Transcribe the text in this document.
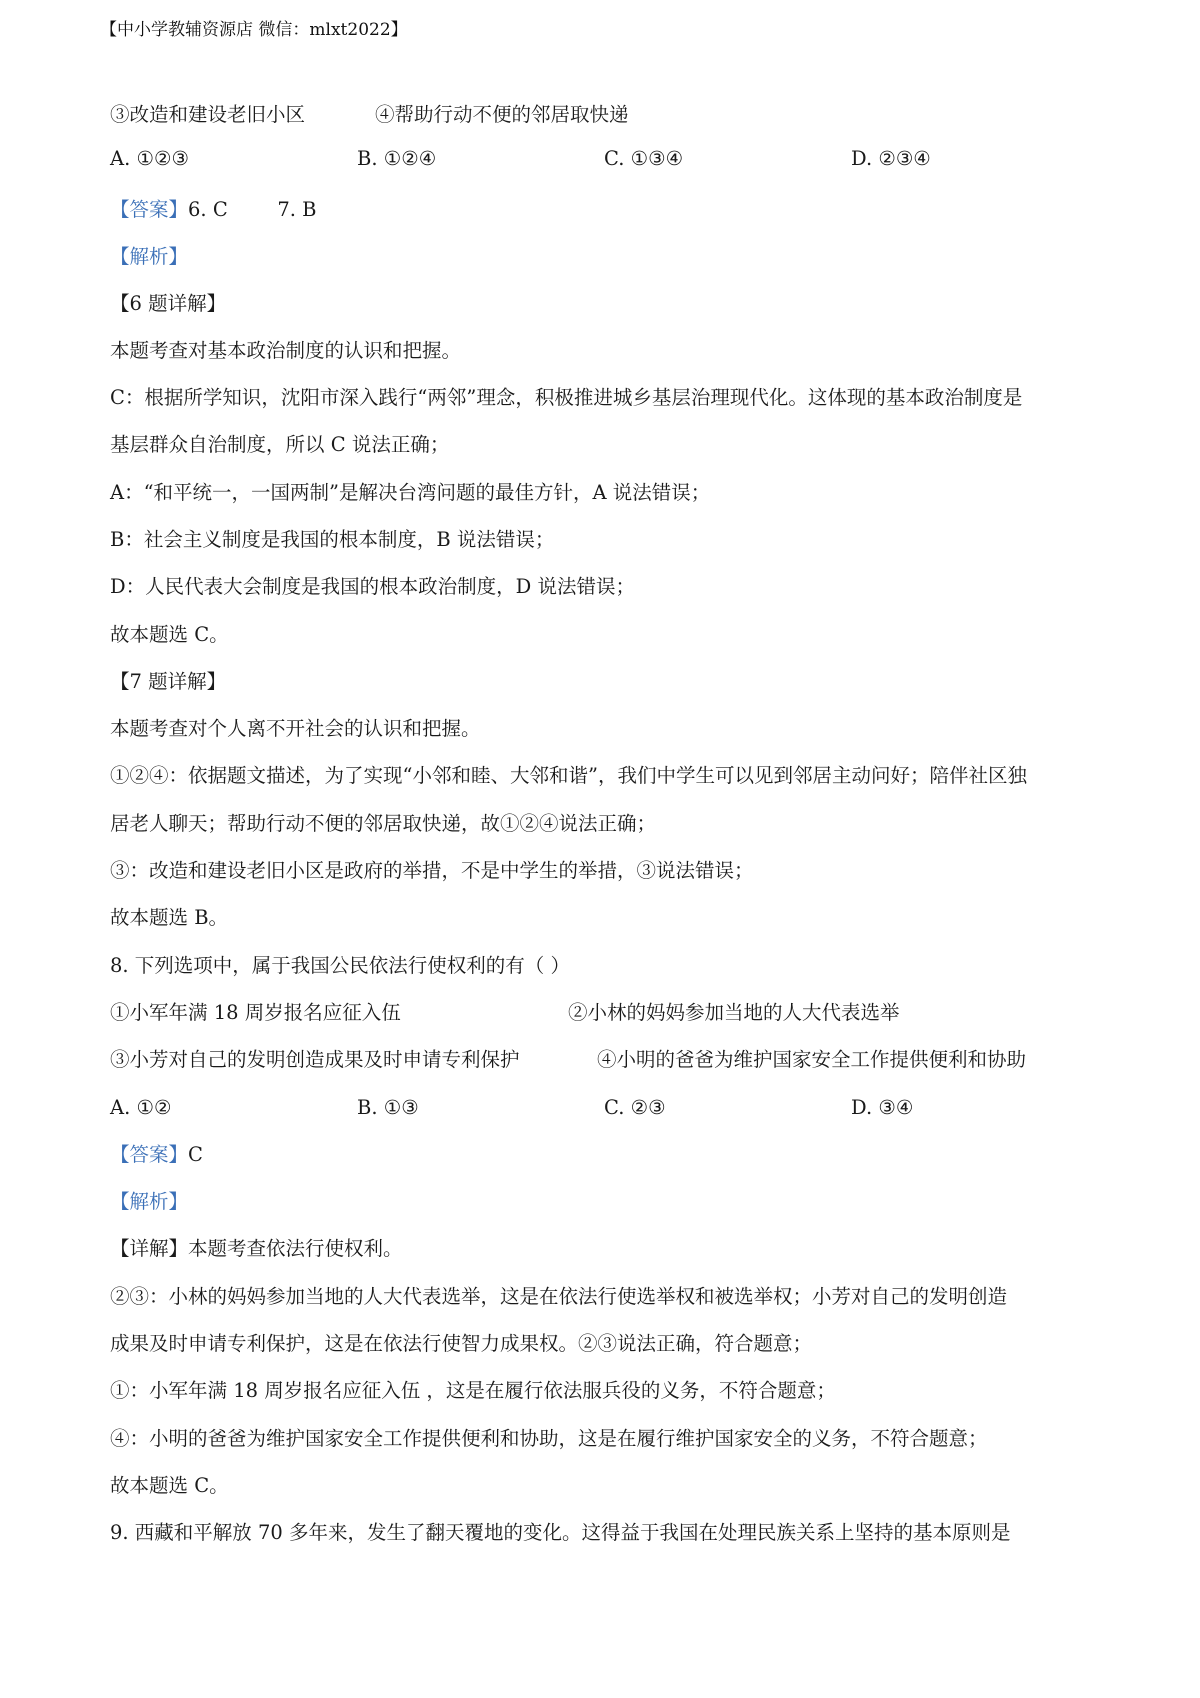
【中小学教辅资源店 微信：mlxt2022】
③改造和建设老旧小区	④帮助行动不便的邻居取快递
A. ①②③	B. ①②④	C. ①③④	D. ②③④
【答案】6. C        7. B
【解析】
【6 题详解】
本题考查对基本政治制度的认识和把握。
C：根据所学知识，沈阳市深入践行“两邻”理念，积极推进城乡基层治理现代化。这体现的基本政治制度是
基层群众自治制度，所以 C 说法正确；
A：“和平统一，一国两制”是解决台湾问题的最佳方针，A 说法错误；
B：社会主义制度是我国的根本制度，B 说法错误；
D：人民代表大会制度是我国的根本政治制度，D 说法错误；
故本题选 C。
【7 题详解】
本题考查对个人离不开社会的认识和把握。
①②④：依据题文描述，为了实现“小邻和睦、大邻和谐”，我们中学生可以见到邻居主动问好；陪伴社区独
居老人聊天；帮助行动不便的邻居取快递，故①②④说法正确；
③：改造和建设老旧小区是政府的举措，不是中学生的举措，③说法错误；
故本题选 B。
8. 下列选项中，属于我国公民依法行使权利的有（ ）
①小军年满 18 周岁报名应征入伍	②小林的妈妈参加当地的人大代表选举
③小芳对自己的发明创造成果及时申请专利保护	④小明的爸爸为维护国家安全工作提供便利和协助
A. ①②	B. ①③	C. ②③	D. ③④
【答案】C
【解析】
【详解】本题考查依法行使权利。
②③：小林的妈妈参加当地的人大代表选举，这是在依法行使选举权和被选举权；小芳对自己的发明创造
成果及时申请专利保护，这是在依法行使智力成果权。②③说法正确，符合题意；
①：小军年满 18 周岁报名应征入伍 ，这是在履行依法服兵役的义务，不符合题意；
④：小明的爸爸为维护国家安全工作提供便利和协助，这是在履行维护国家安全的义务，不符合题意；
故本题选 C。
9. 西藏和平解放 70 多年来，发生了翻天覆地的变化。这得益于我国在处理民族关系上坚持的基本原则是
